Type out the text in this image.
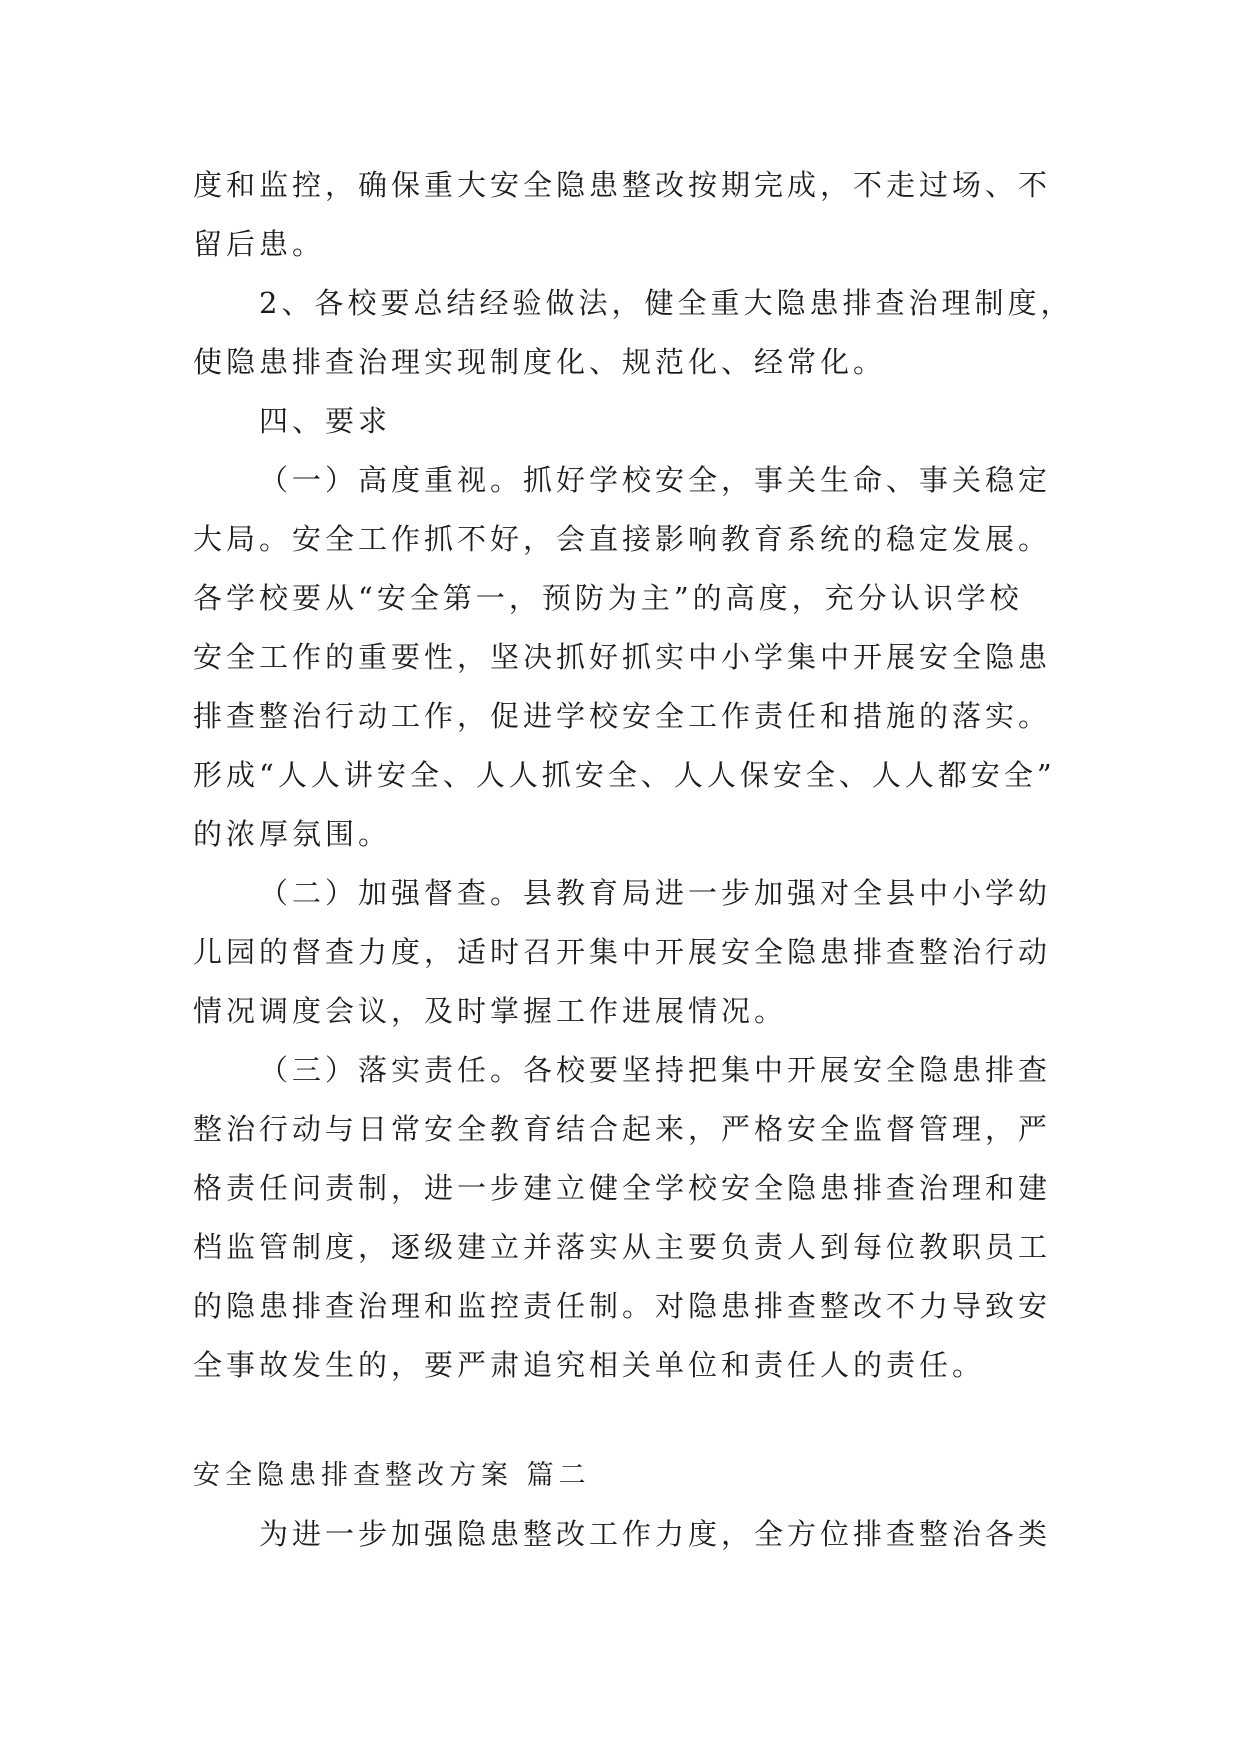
度和监控，确保重大安全隐患整改按期完成，不走过场、不
留后患。
2、各校要总结经验做法，健全重大隐患排查治理制度，
使隐患排查治理实现制度化、规范化、经常化。
四、要求
（一）高度重视。抓好学校安全，事关生命、事关稳定
大局。安全工作抓不好，会直接影响教育系统的稳定发展。
各学校要从“安全第一，预防为主”的高度，充分认识学校
安全工作的重要性，坚决抓好抓实中小学集中开展安全隐患
排查整治行动工作，促进学校安全工作责任和措施的落实。
形成“人人讲安全、人人抓安全、人人保安全、人人都安全”
的浓厚氛围。
（二）加强督查。县教育局进一步加强对全县中小学幼
儿园的督查力度，适时召开集中开展安全隐患排查整治行动
情况调度会议，及时掌握工作进展情况。
（三）落实责任。各校要坚持把集中开展安全隐患排查
整治行动与日常安全教育结合起来，严格安全监督管理，严
格责任问责制，进一步建立健全学校安全隐患排查治理和建
档监管制度，逐级建立并落实从主要负责人到每位教职员工
的隐患排查治理和监控责任制。对隐患排查整改不力导致安
全事故发生的，要严肃追究相关单位和责任人的责任。
安全隐患排查整改方案 篇二
为进一步加强隐患整改工作力度，全方位排查整治各类
